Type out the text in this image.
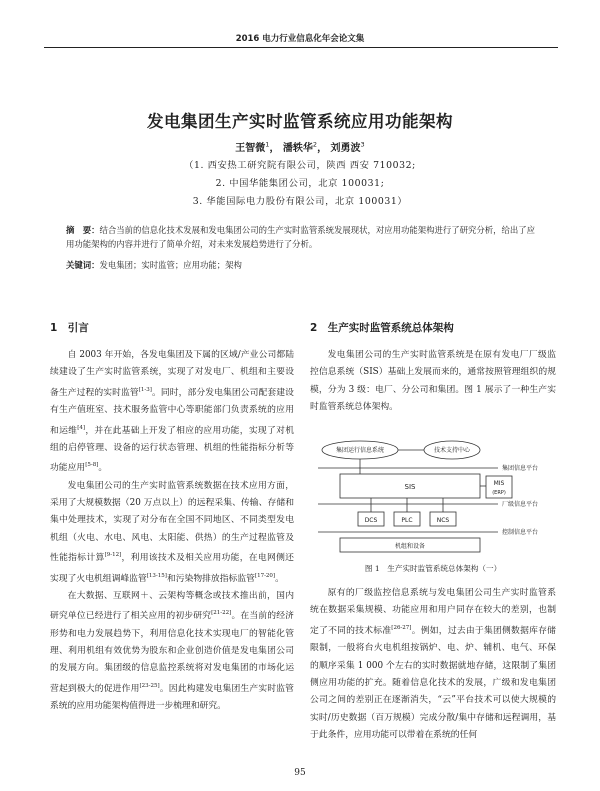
2016 电力行业信息化年会论文集
发电集团生产实时监管系统应用功能架构
王智微$^1$， 潘轶华$^2$， 刘勇波$^3$
（1. 西安热工研究院有限公司，陕西 西安 710032;
2. 中国华能集团公司，北京 100031;
3. 华能国际电力股份有限公司，北京 100031）
摘　要：结合当前的信息化技术发展和发电集团公司的生产实时监管系统发展现状，对应用功能架构进行了研究分析，给出了应用功能架构的内容并进行了简单介绍，对未来发展趋势进行了分析。
关键词：发电集团；实时监管；应用功能；架构
1　引言

自 2003 年开始，各发电集团及下属的区域/产业公司都陆续建设了生产实时监管系统，实现了对发电厂、机组和主要设备生产过程的实时监管[1-3]。同时，部分发电集团公司配套建设有生产值班室、技术服务监管中心等职能部门负责系统的应用和运维[4]，并在此基础上开发了相应的应用功能，实现了对机组的启停管理、设备的运行状态管理、机组的性能指标分析等功能应用[5-8]。

发电集团公司的生产实时监管系统数据在技术应用方面，采用了大规模数据（20 万点以上）的远程采集、传输、存储和集中处理技术，实现了对分布在全国不同地区、不同类型发电机组（火电、水电、风电、太阳能、供热）的生产过程监管及性能指标计算[9-12]，利用该技术及相关应用功能，在电网侧还实现了火电机组调峰监管[13-15]和污染物排放指标监管[17-20]。

在大数据、互联网＋、云架构等概念或技术推出前，国内研究单位已经进行了相关应用的初步研究[21-22]。在当前的经济形势和电力发展趋势下，利用信息化技术实现电厂的智能化管理、利用机组有效优势为股东和企业创造价值是发电集团公司的发展方向。集团级的信息监控系统将对发电集团的市场化运营起到极大的促进作用[23-25]。因此构建发电集团生产实时监管系统的应用功能架构值得进一步梳理和研究。

2　生产实时监管系统总体架构

发电集团公司的生产实时监管系统是在原有发电厂厂级监控信息系统（SIS）基础上发展而来的，通常按照管理组织的规模，分为 3 级：电厂、分公司和集团。图 1 展示了一种生产实时监管系统总体架构。

集团信息平台
集团运行信息系统	技术支持中心
SIS	MIS
(ERP)
厂级信息平台
DCS	PLC	NCS
控制信息平台
机组和设备
图 1　生产实时监管系统总体架构（一）

原有的厂级监控信息系统与发电集团公司生产实时监管系统在数据采集规模、功能应用和用户同存在较大的差别，也制定了不同的技术标准[26-27]。例如，过去由于集团侧数据库存储限制，一般将台火电机组按锅炉、电、炉、辅机、电气、环保的顺序采集 1 000 个左右的实时数据就地存储，这限制了集团侧应用功能的扩充。随着信息化技术的发展，广级和发电集团公司之间的差别正在逐渐消失，“云”平台技术可以使大规模的实时/历史数据（百万规模）完成分散/集中存储和远程调用，基于此条件，应用功能可以带着在系统的任何

95
